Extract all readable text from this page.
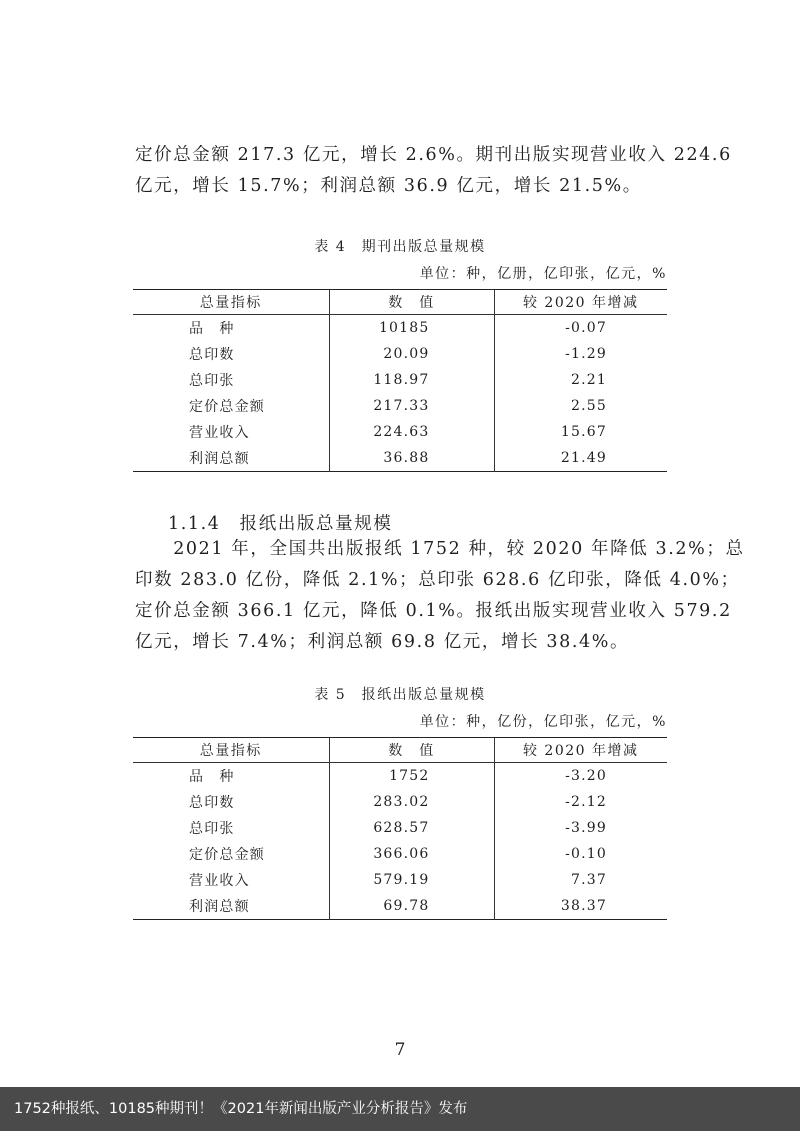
定价总金额 217.3 亿元，增长 2.6%。期刊出版实现营业收入 224.6

亿元，增长 15.7%；利润总额 36.9 亿元，增长 21.5%。

表 4　期刊出版总量规模
单位：种，亿册，亿印张，亿元，%
总量指标	数　值	较 2020 年增减
品　种	10185	-0.07
总印数	20.09	-1.29
总印张	118.97	2.21
定价总金额	217.33	2.55
营业收入	224.63	15.67
利润总额	36.88	21.49
1.1.4　报纸出版总量规模

　　2021 年，全国共出版报纸 1752 种，较 2020 年降低 3.2%；总

印数 283.0 亿份，降低 2.1%；总印张 628.6 亿印张，降低 4.0%；

定价总金额 366.1 亿元，降低 0.1%。报纸出版实现营业收入 579.2

亿元，增长 7.4%；利润总额 69.8 亿元，增长 38.4%。

表 5　报纸出版总量规模
单位：种，亿份，亿印张，亿元，%
总量指标	数　值	较 2020 年增减
品　种	1752	-3.20
总印数	283.02	-2.12
总印张	628.57	-3.99
定价总金额	366.06	-0.10
营业收入	579.19	7.37
利润总额	69.78	38.37
7
1752种报纸、10185种期刊！《2021年新闻出版产业分析报告》发布
